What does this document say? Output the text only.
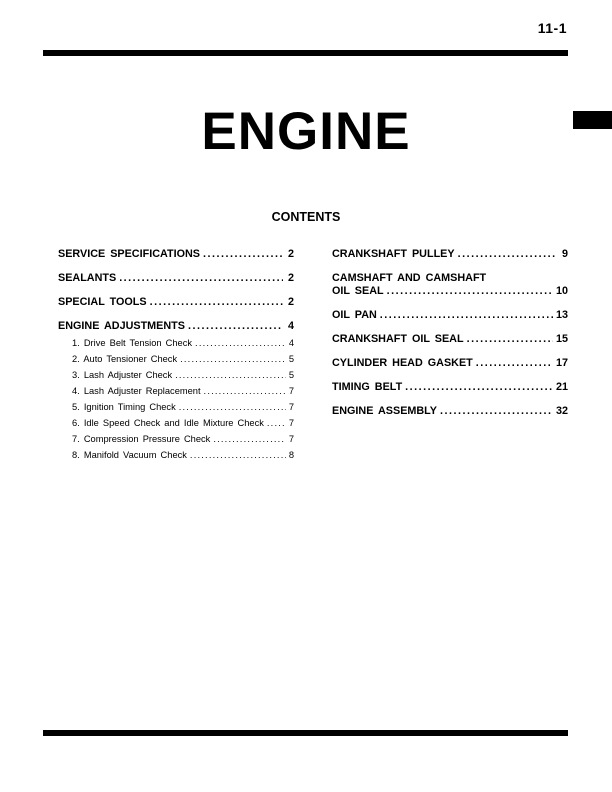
11-1
ENGINE
CONTENTS
SERVICE SPECIFICATIONS .....	2
SEALANTS .....	2
SPECIAL TOOLS .....	2
ENGINE ADJUSTMENTS .....	4
1. Drive Belt Tension Check .....	4
2. Auto Tensioner Check .....	5
3. Lash Adjuster Check .....	5
4. Lash Adjuster Replacement .....	7
5. Ignition Timing Check .....	7
6. Idle Speed Check and Idle Mixture Check .....	7
7. Compression Pressure Check .....	7
8. Manifold Vacuum Check .....	8
CRANKSHAFT PULLEY .....	9
CAMSHAFT AND CAMSHAFT
OIL SEAL .....	10
OIL PAN .....	13
CRANKSHAFT OIL SEAL .....	15
CYLINDER HEAD GASKET .....	17
TIMING BELT .....	21
ENGINE ASSEMBLY .....	32
